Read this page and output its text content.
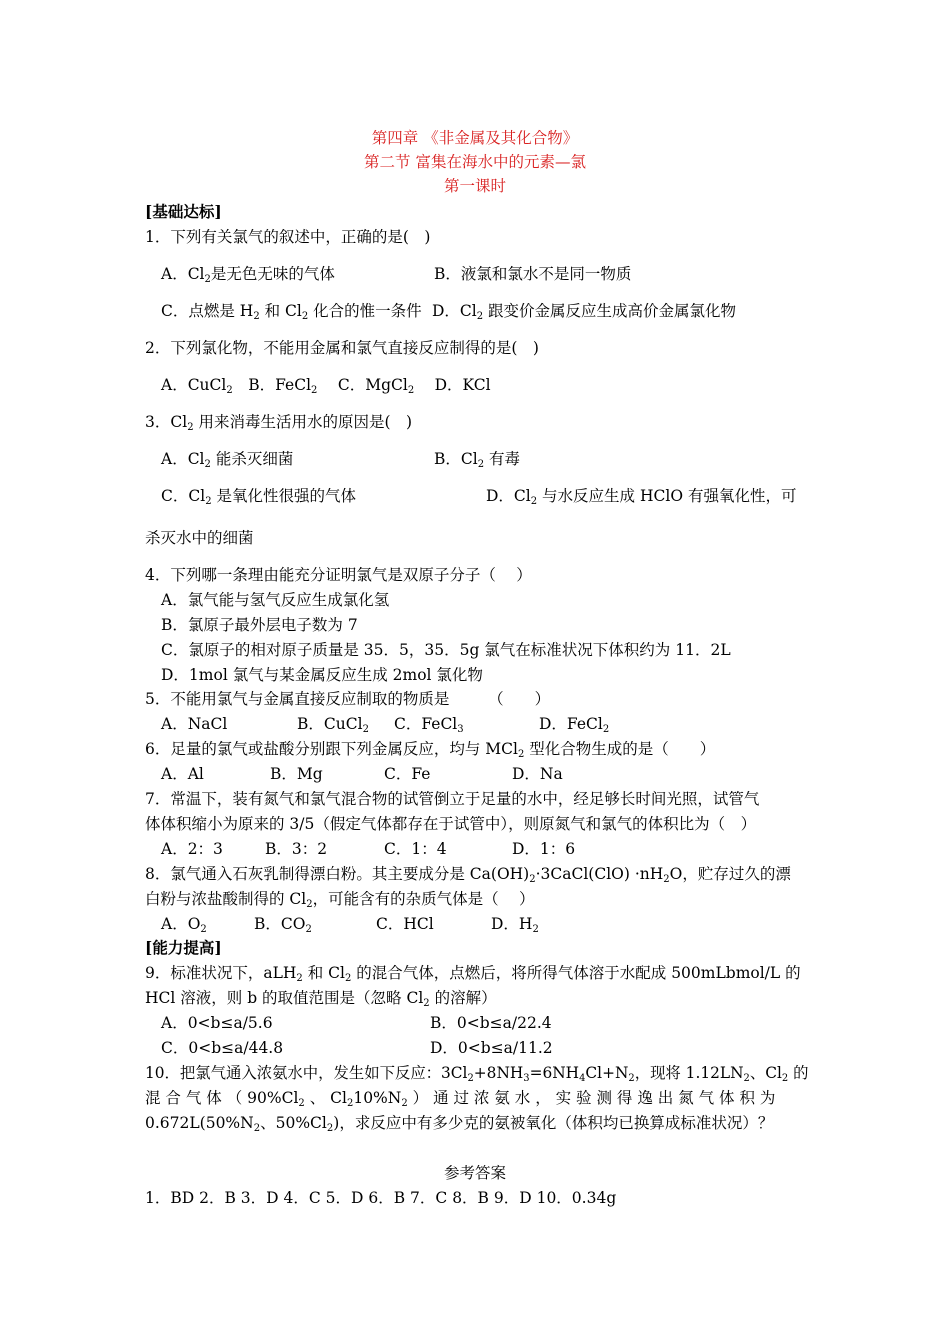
第四章 《非金属及其化合物》
第二节 富集在海水中的元素—氯
第一课时
[基础达标]
1．下列有关氯气的叙述中，正确的是(　)
A．$Cl_2$是无色无味的气体	B．液氯和氯水不是同一物质
C．点燃是 $H_2$ 和 $Cl_2$ 化合的惟一条件 D．$Cl_2$ 跟变价金属反应生成高价金属氯化物
2．下列氯化物，不能用金属和氯气直接反应制得的是(　)
A．CuCl$_2$　B．FeCl$_2$　 C．MgCl$_2$　 D．KCl
3．$Cl_2$ 用来消毒生活用水的原因是(　)
A．$Cl_2$ 能杀灭细菌	B．$Cl_2$ 有毒
C．$Cl_2$ 是氧化性很强的气体	D．$Cl_2$ 与水反应生成 HClO 有强氧化性，可
杀灭水中的细菌
4．下列哪一条理由能充分证明氯气是双原子分子（　 ）
A．氯气能与氢气反应生成氯化氢
B．氯原子最外层电子数为 7
C．氯原子的相对原子质量是 35．5，35．5g 氯气在标准状况下体积约为 11．2L
D．1mol 氯气与某金属反应生成 2mol 氯化物
5．不能用氯气与金属直接反应制取的物质是　　　（　　）
A．NaCl	B．CuCl$_2$ C．FeCl$_3$	D．FeCl$_2$
6．足量的氯气或盐酸分别跟下列金属反应，均与 MCl$_2$ 型化合物生成的是（　　）
A．Al	B．Mg	C．Fe	D．Na
7．常温下，装有氮气和氯气混合物的试管倒立于足量的水中，经足够长时间光照，试管气
体体积缩小为原来的 3/5（假定气体都存在于试管中），则原氮气和氯气的体积比为（　）
A．2：3	B．3：2	C．1：4	D．1：6
8．氯气通入石灰乳制得漂白粉。其主要成分是 $Ca(OH)_2\cdot 3CaCl(ClO) \cdot nH_2O$，贮存过久的漂
白粉与浓盐酸制得的 $Cl_2$，可能含有的杂质气体是（　 ）
A．$O_2$	B．$CO_2$	C．HCl	D．$H_2$
[能力提高]
9．标准状况下，aLH$_2$ 和 $Cl_2$ 的混合气体，点燃后，将所得气体溶于水配成 500mLbmol/L 的
HCl 溶液，则 b 的取值范围是（忽略 $Cl_2$ 的溶解）
A．0<b≤a/5.6	B．0<b≤a/22.4
C．0<b≤a/44.8	D．0<b≤a/11.2
10．把氯气通入浓氨水中，发生如下反应：$3Cl_2+8NH_3=6NH_4Cl+N_2$，现将 $1.12LN_2$、$Cl_2$ 的
混 合 气 体 （ $90\%Cl_2$ 、 $Cl_210\%N_2$ ） 通 过 浓 氨 水 ， 实 验 测 得 逸 出 氮 气 体 积 为
$0.672L(50\%N_2$、$50\%Cl_2$)，求反应中有多少克的氨被氧化（体积均已换算成标准状况）？
参考答案
1．BD 2．B 3．D 4．C 5．D 6．B 7．C 8．B 9．D 10．0.34g
